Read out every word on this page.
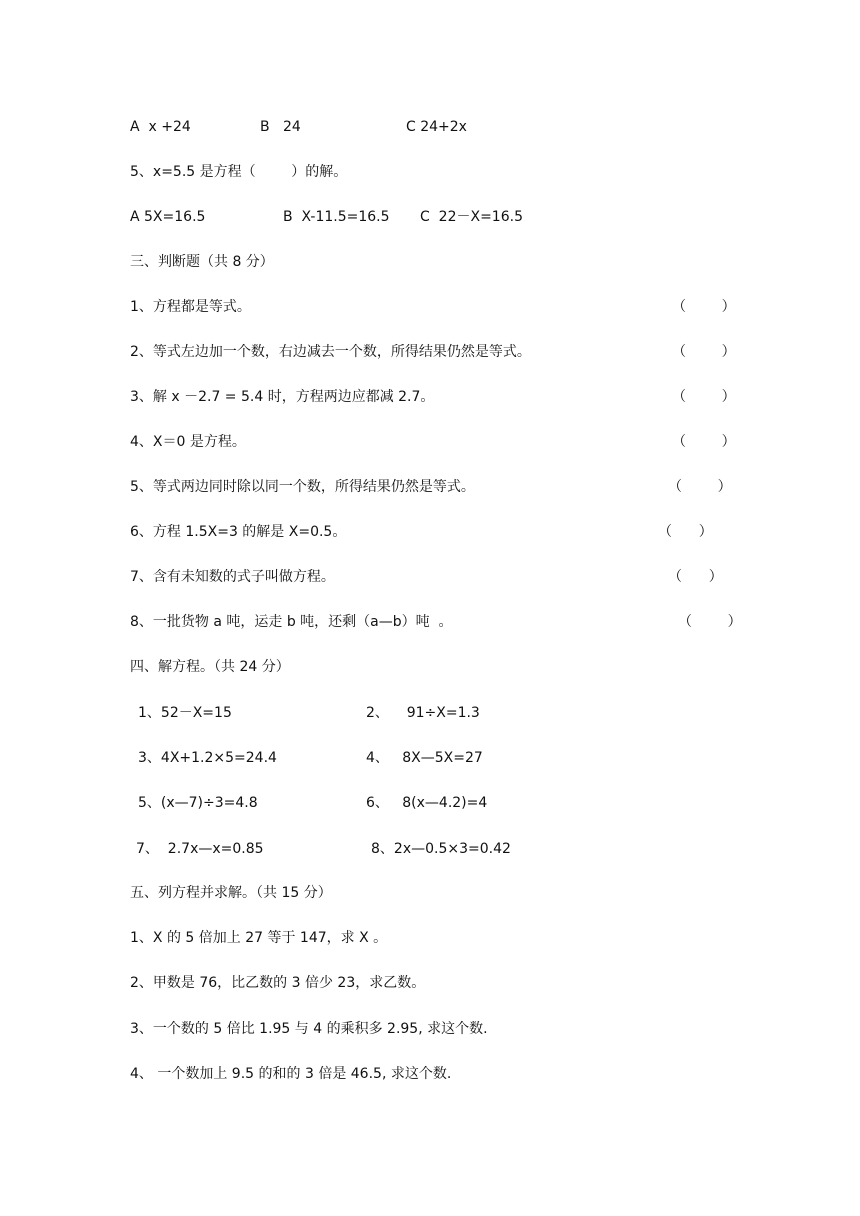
A  x +24	B   24	C 24+2x
5、x=5.5 是方程（        ）的解。
A 5X=16.5	B  X-11.5=16.5 C  22－X=16.5
三、判断题（共 8 分）
1、方程都是等式。	（        ）
2、等式左边加一个数，右边减去一个数，所得结果仍然是等式。	（        ）
3、解 x －2.7 = 5.4 时，方程两边应都减 2.7。	（        ）
4、X＝0 是方程。	（        ）
5、等式两边同时除以同一个数，所得结果仍然是等式。	（        ）
6、方程 1.5X=3 的解是 X=0.5。	（      ）
7、含有未知数的式子叫做方程。	（      ）
8、一批货物 a 吨，运走 b 吨，还剩（a—b）吨  。	（        ）
四、解方程。（共 24 分）
1、52－X=15	2、    91÷X=1.3
3、4X+1.2×5=24.4	4、   8X—5X=27
5、(x—7)÷3=4.8	6、   8(x—4.2)=4
7、  2.7x—x=0.85	8、2x—0.5×3=0.42
五、列方程并求解。（共 15 分）
1、X 的 5 倍加上 27 等于 147，求 X 。
2、甲数是 76，比乙数的 3 倍少 23，求乙数。
3、一个数的 5 倍比 1.95 与 4 的乘积多 2.95, 求这个数.
4、 一个数加上 9.5 的和的 3 倍是 46.5, 求这个数.
